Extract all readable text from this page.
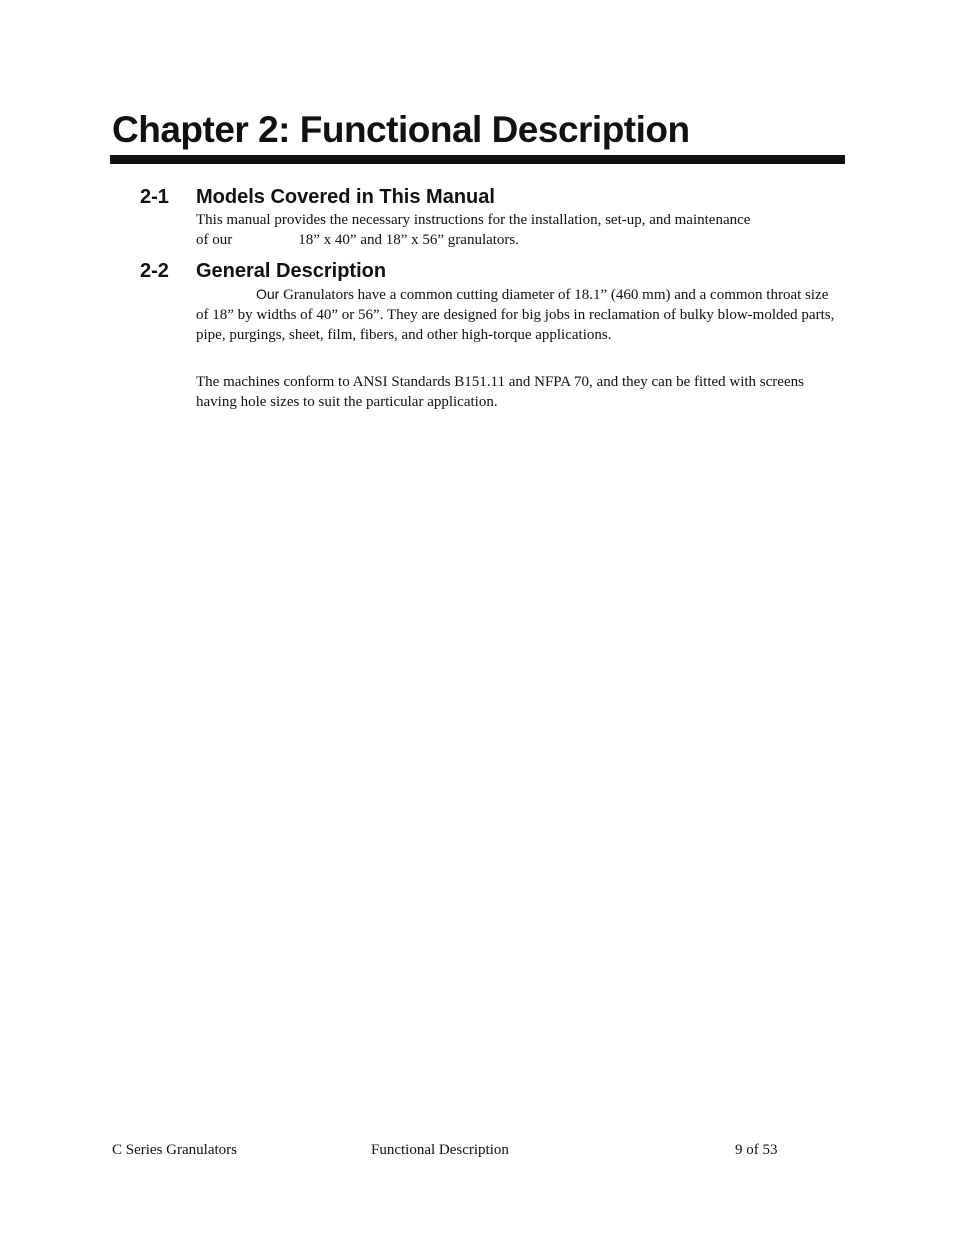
Chapter 2: Functional Description
2-1 Models Covered in This Manual

This manual provides the necessary instructions for the installation, set-up, and maintenance
of our	18” x 40” and 18” x 56” granulators.

2-2 General Description

Our Granulators have a common cutting diameter of 18.1” (460 mm) and a common throat size of 18” by widths of 40” or 56”. They are designed for big jobs in reclamation of bulky blow-molded parts, pipe, purgings, sheet, film, fibers, and other high-torque applications.

The machines conform to ANSI Standards B151.11 and NFPA 70, and they can be fitted with screens having hole sizes to suit the particular application.

C Series Granulators	Functional Description	9 of 53
